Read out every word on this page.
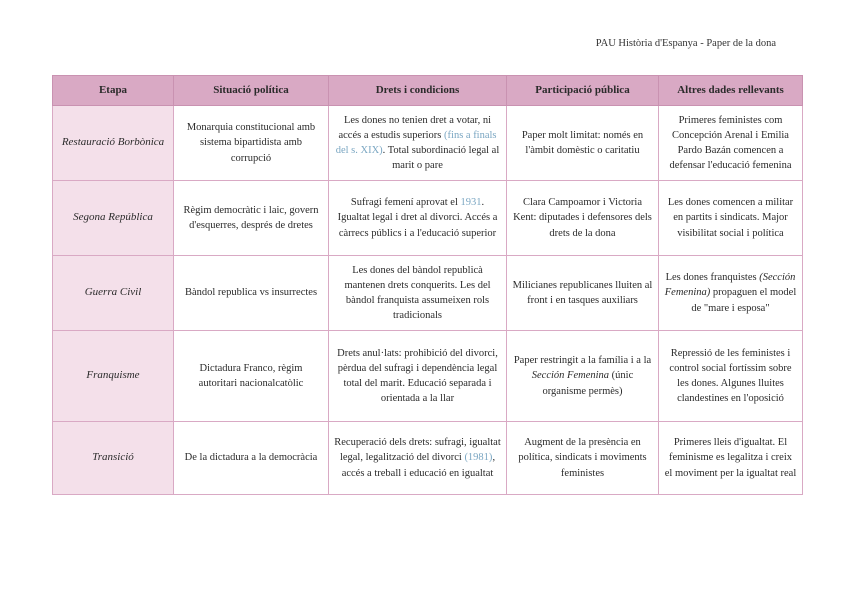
PAU Història d'Espanya - Paper de la dona
Etapa	Situació política	Drets i condicions	Participació pública	Altres dades rellevants
Restauració Borbònica	Monarquia constitucional amb sistema bipartidista amb corrupció	Les dones no tenien dret a votar, ni accés a estudis superiors (fins a finals del s. XIX). Total subordinació legal al marit o pare	Paper molt limitat: només en l'àmbit domèstic o caritatiu	Primeres feministes com Concepción Arenal i Emilia Pardo Bazán comencen a defensar l'educació femenina
Segona República	Règim democràtic i laic, govern d'esquerres, després de dretes	Sufragi femení aprovat el 1931. Igualtat legal i dret al divorci. Accés a càrrecs públics i a l'educació superior	Clara Campoamor i Victoria Kent: diputades i defensores dels drets de la dona	Les dones comencen a militar en partits i sindicats. Major visibilitat social i política
Guerra Civil	Bàndol republica vs insurrectes	Les dones del bàndol republicà mantenen drets conquerits. Les del bàndol franquista assumeixen rols tradicionals	Milicianes republicanes lluiten al front i en tasques auxiliars	Les dones franquistes (Sección Femenina) propaguen el model de "mare i esposa"
Franquisme	Dictadura Franco, règim autoritari nacionalcatòlic	Drets anul·lats: prohibició del divorci, pèrdua del sufragi i dependència legal total del marit. Educació separada i orientada a la llar	Paper restringit a la família i a la Sección Femenina (únic organisme permès)	Repressió de les feministes i control social fortíssim sobre les dones. Algunes lluites clandestines en l'oposició
Transició	De la dictadura a la democràcia	Recuperació dels drets: sufragi, igualtat legal, legalització del divorci (1981), accés a treball i educació en igualtat	Augment de la presència en política, sindicats i moviments feministes	Primeres lleis d'igualtat. El feminisme es legalitza i creix el moviment per la igualtat real
